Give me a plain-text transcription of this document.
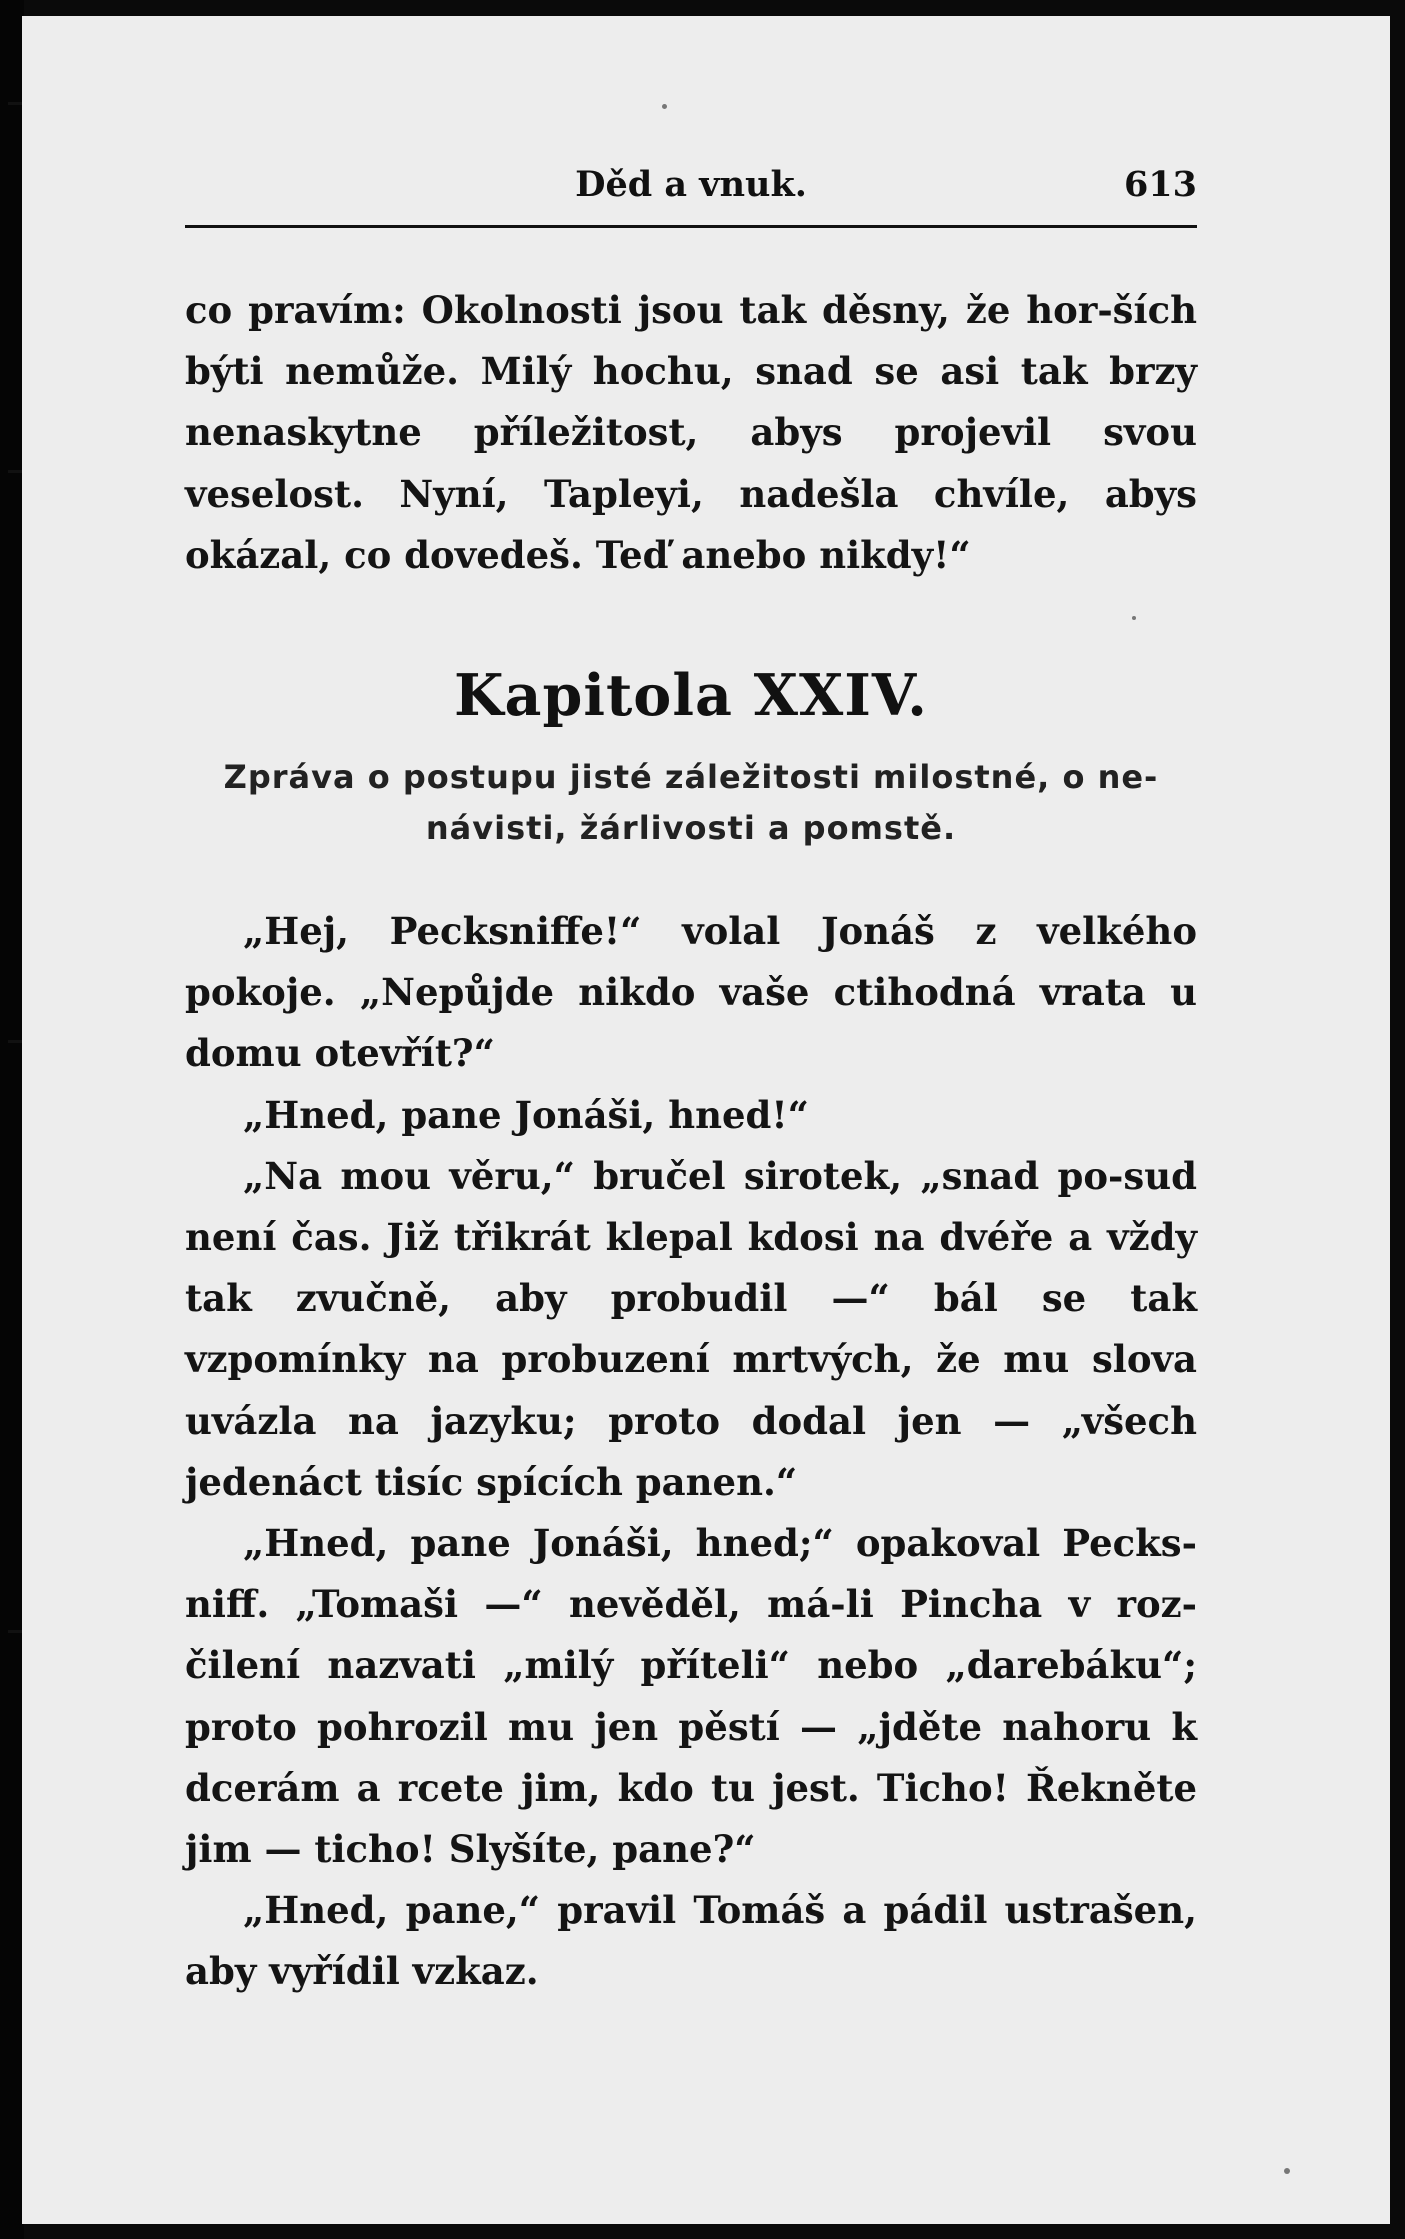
Děd a vnuk.	613

co pravím: Okolnosti jsou tak děsny, že hor-ších býti nemůže. Milý hochu, snad se asi tak brzy nenaskytne příležitost, abys projevil svou veselost. Nyní, Tapleyi, nadešla chvíle, abys okázal, co dovedeš. Teď anebo nikdy!“

Kapitola XXIV.
Zpráva o postupu jisté záležitosti milostné, o ne-návisti, žárlivosti a pomstě.

„Hej, Pecksniffe!“ volal Jonáš z velkého pokoje. „Nepůjde nikdo vaše ctihodná vrata u domu otevřít?“

„Hned, pane Jonáši, hned!“

„Na mou věru,“ bručel sirotek, „snad po-sud není čas. Již třikrát klepal kdosi na dvéře a vždy tak zvučně, aby probudil —“ bál se tak vzpomínky na probuzení mrtvých, že mu slova uvázla na jazyku; proto dodal jen — „všech jedenáct tisíc spících panen.“

„Hned, pane Jonáši, hned;“ opakoval Pecks-niff. „Tomaši —“ nevěděl, má-li Pincha v roz-čilení nazvati „milý příteli“ nebo „darebáku“; proto pohrozil mu jen pěstí — „jděte nahoru k dcerám a rcete jim, kdo tu jest. Ticho! Řekněte jim — ticho! Slyšíte, pane?“

„Hned, pane,“ pravil Tomáš a pádil ustrašen, aby vyřídil vzkaz.
